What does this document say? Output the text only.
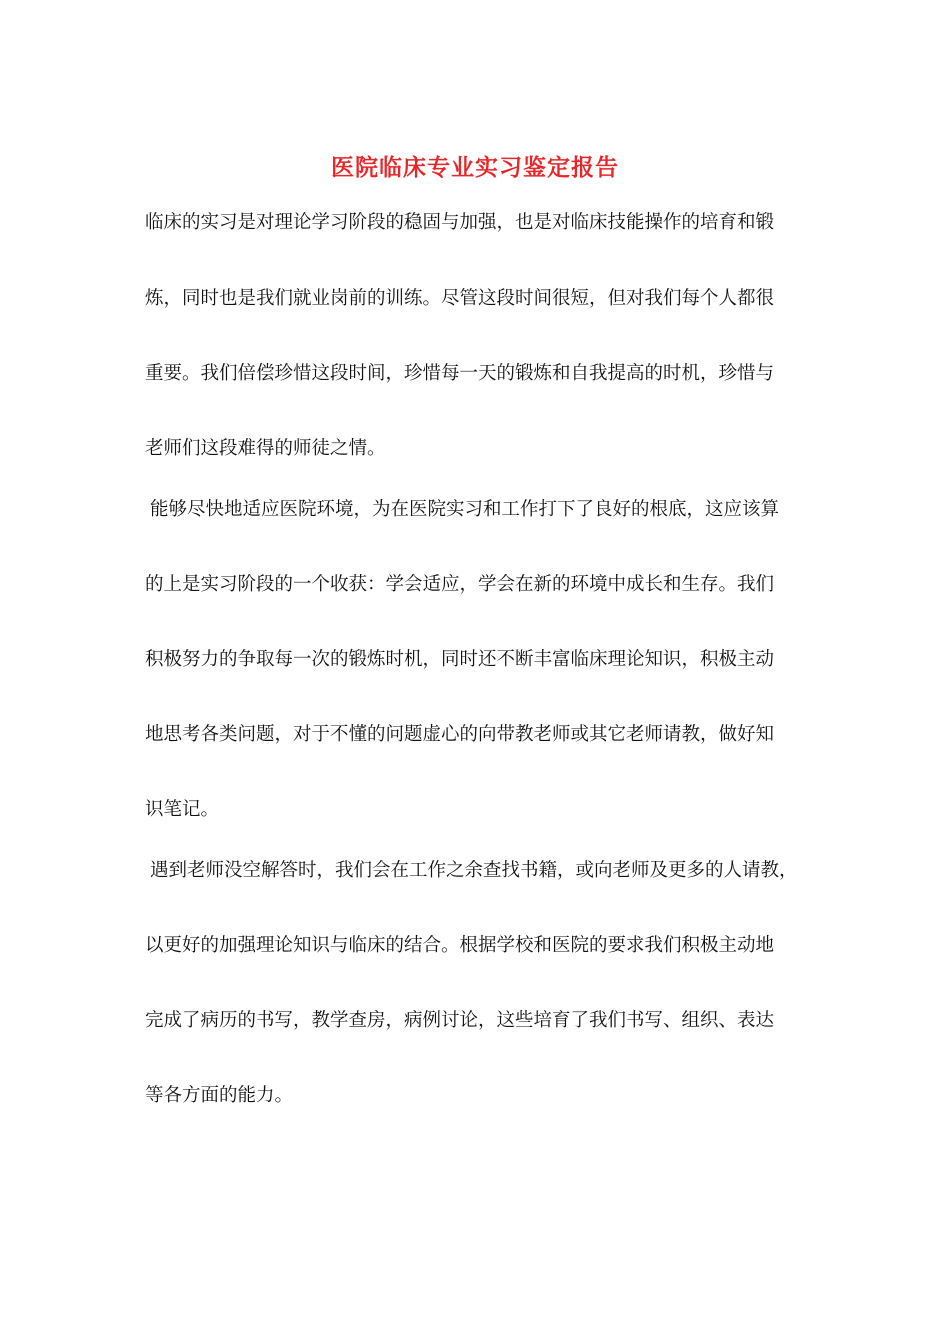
医院临床专业实习鉴定报告

临床的实习是对理论学习阶段的稳固与加强，也是对临床技能操作的培育和锻

炼，同时也是我们就业岗前的训练。尽管这段时间很短，但对我们每个人都很

重要。我们倍偿珍惜这段时间，珍惜每一天的锻炼和自我提高的时机，珍惜与

老师们这段难得的师徒之情。

能够尽快地适应医院环境，为在医院实习和工作打下了良好的根底，这应该算

的上是实习阶段的一个收获：学会适应，学会在新的环境中成长和生存。我们

积极努力的争取每一次的锻炼时机，同时还不断丰富临床理论知识，积极主动

地思考各类问题，对于不懂的问题虚心的向带教老师或其它老师请教，做好知

识笔记。

遇到老师没空解答时，我们会在工作之余查找书籍，或向老师及更多的人请教，

以更好的加强理论知识与临床的结合。根据学校和医院的要求我们积极主动地

完成了病历的书写，教学查房，病例讨论，这些培育了我们书写、组织、表达

等各方面的能力。
